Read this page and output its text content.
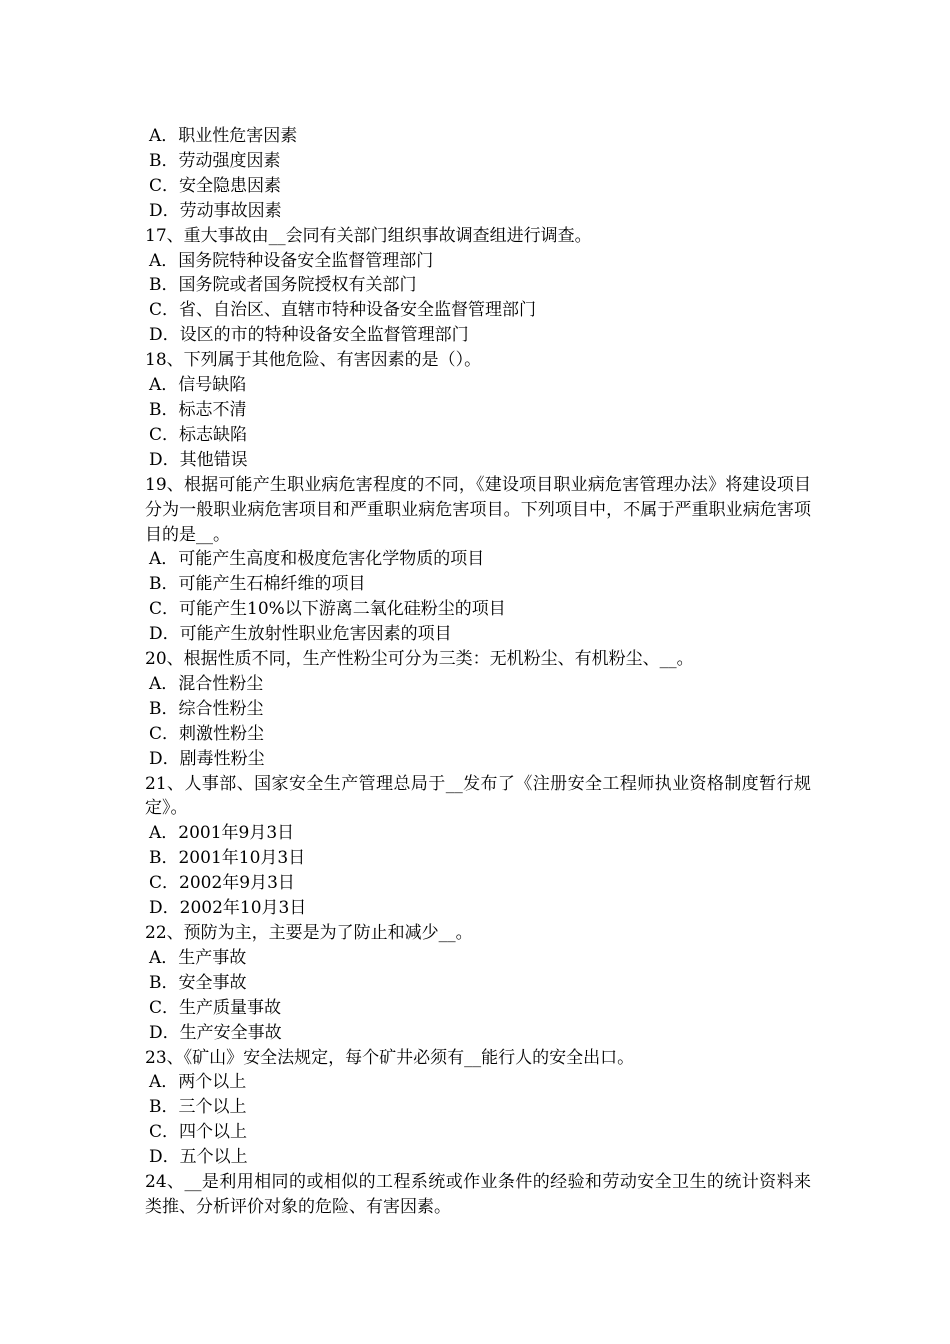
A．职业性危害因素
B．劳动强度因素
C．安全隐患因素
D．劳动事故因素
17、重大事故由__会同有关部门组织事故调查组进行调查。
A．国务院特种设备安全监督管理部门
B．国务院或者国务院授权有关部门
C．省、自治区、直辖市特种设备安全监督管理部门
D．设区的市的特种设备安全监督管理部门
18、下列属于其他危险、有害因素的是（）。
A．信号缺陷
B．标志不清
C．标志缺陷
D．其他错误
19、根据可能产生职业病危害程度的不同，《建设项目职业病危害管理办法》将建设项目分为一般职业病危害项目和严重职业病危害项目。下列项目中，不属于严重职业病危害项目的是__。
A．可能产生高度和极度危害化学物质的项目
B．可能产生石棉纤维的项目
C．可能产生10%以下游离二氧化硅粉尘的项目
D．可能产生放射性职业危害因素的项目
20、根据性质不同，生产性粉尘可分为三类：无机粉尘、有机粉尘、__。
A．混合性粉尘
B．综合性粉尘
C．刺激性粉尘
D．剧毒性粉尘
21、人事部、国家安全生产管理总局于__发布了《注册安全工程师执业资格制度暂行规定》。
A．2001年9月3日
B．2001年10月3日
C．2002年9月3日
D．2002年10月3日
22、预防为主，主要是为了防止和减少__。
A．生产事故
B．安全事故
C．生产质量事故
D．生产安全事故
23、《矿山》安全法规定，每个矿井必须有__能行人的安全出口。
A．两个以上
B．三个以上
C．四个以上
D．五个以上
24、__是利用相同的或相似的工程系统或作业条件的经验和劳动安全卫生的统计资料来类推、分析评价对象的危险、有害因素。
